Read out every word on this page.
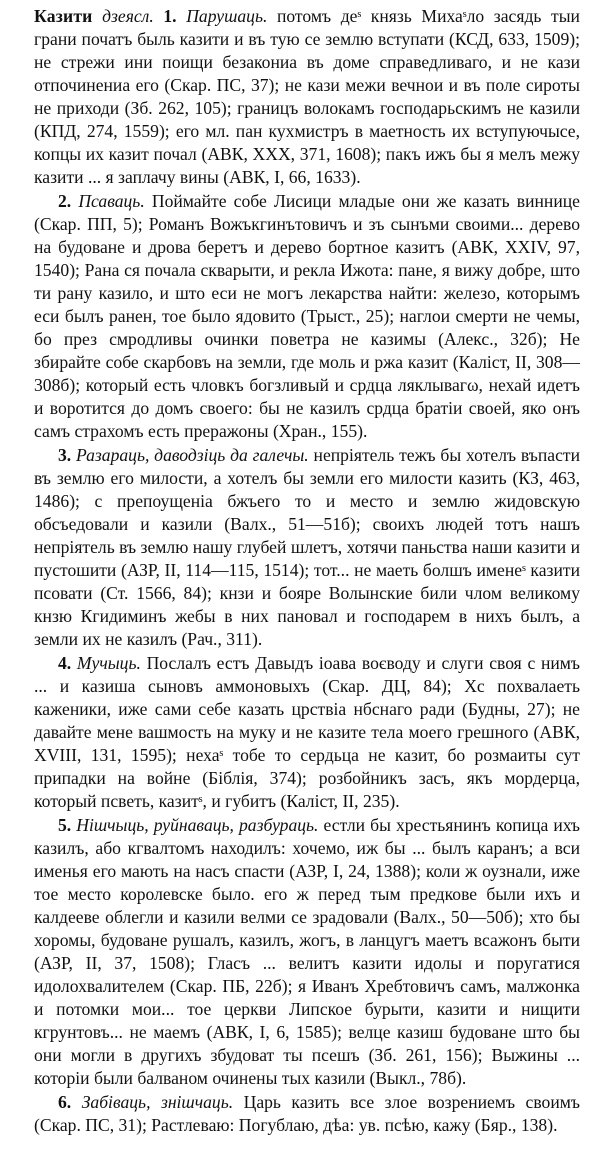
Казити дзеясл. 1. Парушаць. потомъ деˢ князь Михаˢло засядь тыи грани початъ быль казити и въ тую се землю вступати (КСД, 633, 1509); не стрежи ини поищи безакониа въ доме справедливаго, и не кази отпочинениа его (Скар. ПС, 37); не кази межи вечнои и въ поле сироты не приходи (Зб. 262, 105); границъ волокамъ господарьскимъ не казили (КПД, 274, 1559); его мл. пан кухмистръ в маетность их вступуючысе, копцы их казит почал (АВК, XXX, 371, 1608); пакъ ижъ бы я мелъ межу казити ... я заплачу вины (АВК, I, 66, 1633).

2. Псаваць. Поймайте собе Лисици младые они же казать виннице (Скар. ПП, 5); Романъ Вожъкгинътовичъ и зъ сынъми своими... дерево на будоване и дрова беретъ и дерево бортное казитъ (АВК, XXIV, 97, 1540); Рана ся почала скварыти, и рекла Ижота: пане, я вижу добре, што ти рану казило, и што еси не могъ лекарства найти: железо, которымъ еси былъ ранен, тое было ядовито (Трыст., 25); наглои смерти не чемы, бо през смродливы очинки поветра не казимы (Алекс., 32б); Не збирайте собе скарбовъ на земли, где моль и ржа казит (Каліст, II, 308—308б); который есть чловкъ богзливый и срдца ляклывагω, нехай идетъ и воротится до домъ своего: бы не казилъ срдца братіи своей, яко онъ самъ страхомъ есть преражоны (Хран., 155).

3. Разараць, даводзіць да галечы. непріятель тежъ бы хотелъ въпасти въ землю его милости, а хотелъ бы земли его милости казить (КЗ, 463, 1486); с препоущеніа бжъего то и место и землю жидовскую обсъедовали и казили (Валх., 51—51б); своихъ людей тотъ нашъ непріятель въ землю нашу глубей шлетъ, хотячи паньства наши казити и пустошити (АЗР, II, 114—115, 1514); тот... не маеть болшъ именеˢ казити псовати (Ст. 1566, 84); кнзи и бояре Волынские били члом великому кнзю Кгидиминъ жебы в них пановал и господарем в нихъ былъ, а земли их не казилъ (Рач., 311).

4. Мучыць. Послалъ естъ Давыдъ іоава воєводу и слуги своя с нимъ ... и казиша сыновъ аммоновыхъ (Скар. ДЦ, 84); Хс похвалаеть каженики, иже сами себе казать црствіа нбснаго ради (Будны, 27); не давайте мене вашмость на муку и не казите тела моего грешного (АВК, XVIII, 131, 1595); нехаˢ тобе то сердьца не казит, бо розмаиты сут припадки на войне (Біблія, 374); розбойникъ засъ, якъ мордерца, который псветь, казитˢ, и губитъ (Каліст, II, 235).

5. Нішчыць, руйнаваць, разбураць. естли бы хрестьянинъ копица ихъ казилъ, або кгвалтомъ находилъ: хочемо, иж бы ... былъ каранъ; а вси именья его мають на насъ спасти (АЗР, I, 24, 1388); коли ж оузнали, иже тое место королевске было. его ж перед тым предкове были ихъ и калдееве облегли и казили велми се зрадовали (Валх., 50—50б); хто бы хоромы, будоване рушалъ, казилъ, жогъ, в ланцугъ маетъ всажонъ быти (АЗР, II, 37, 1508); Гласъ ... велитъ казити идолы и поругатися идолохвалителем (Скар. ПБ, 22б); я Иванъ Хребтовичъ самъ, малжонка и потомки мои... тое церкви Липское бурыти, казити и нищити кгрунтовъ... не маемъ (АВК, I, 6, 1585); велце казиш будоване што бы они могли в другихъ збудоват ты псешъ (Зб. 261, 156); Выжины ... которіи были балваном очинены тых казили (Выкл., 78б).

6. Забіваць, знішчаць. Царь казить все злое возрениемъ своимъ (Скар. ПС, 31); Растлеваю: Погублаю, дѣа: ув. псѣю, кажу (Бяр., 138).
